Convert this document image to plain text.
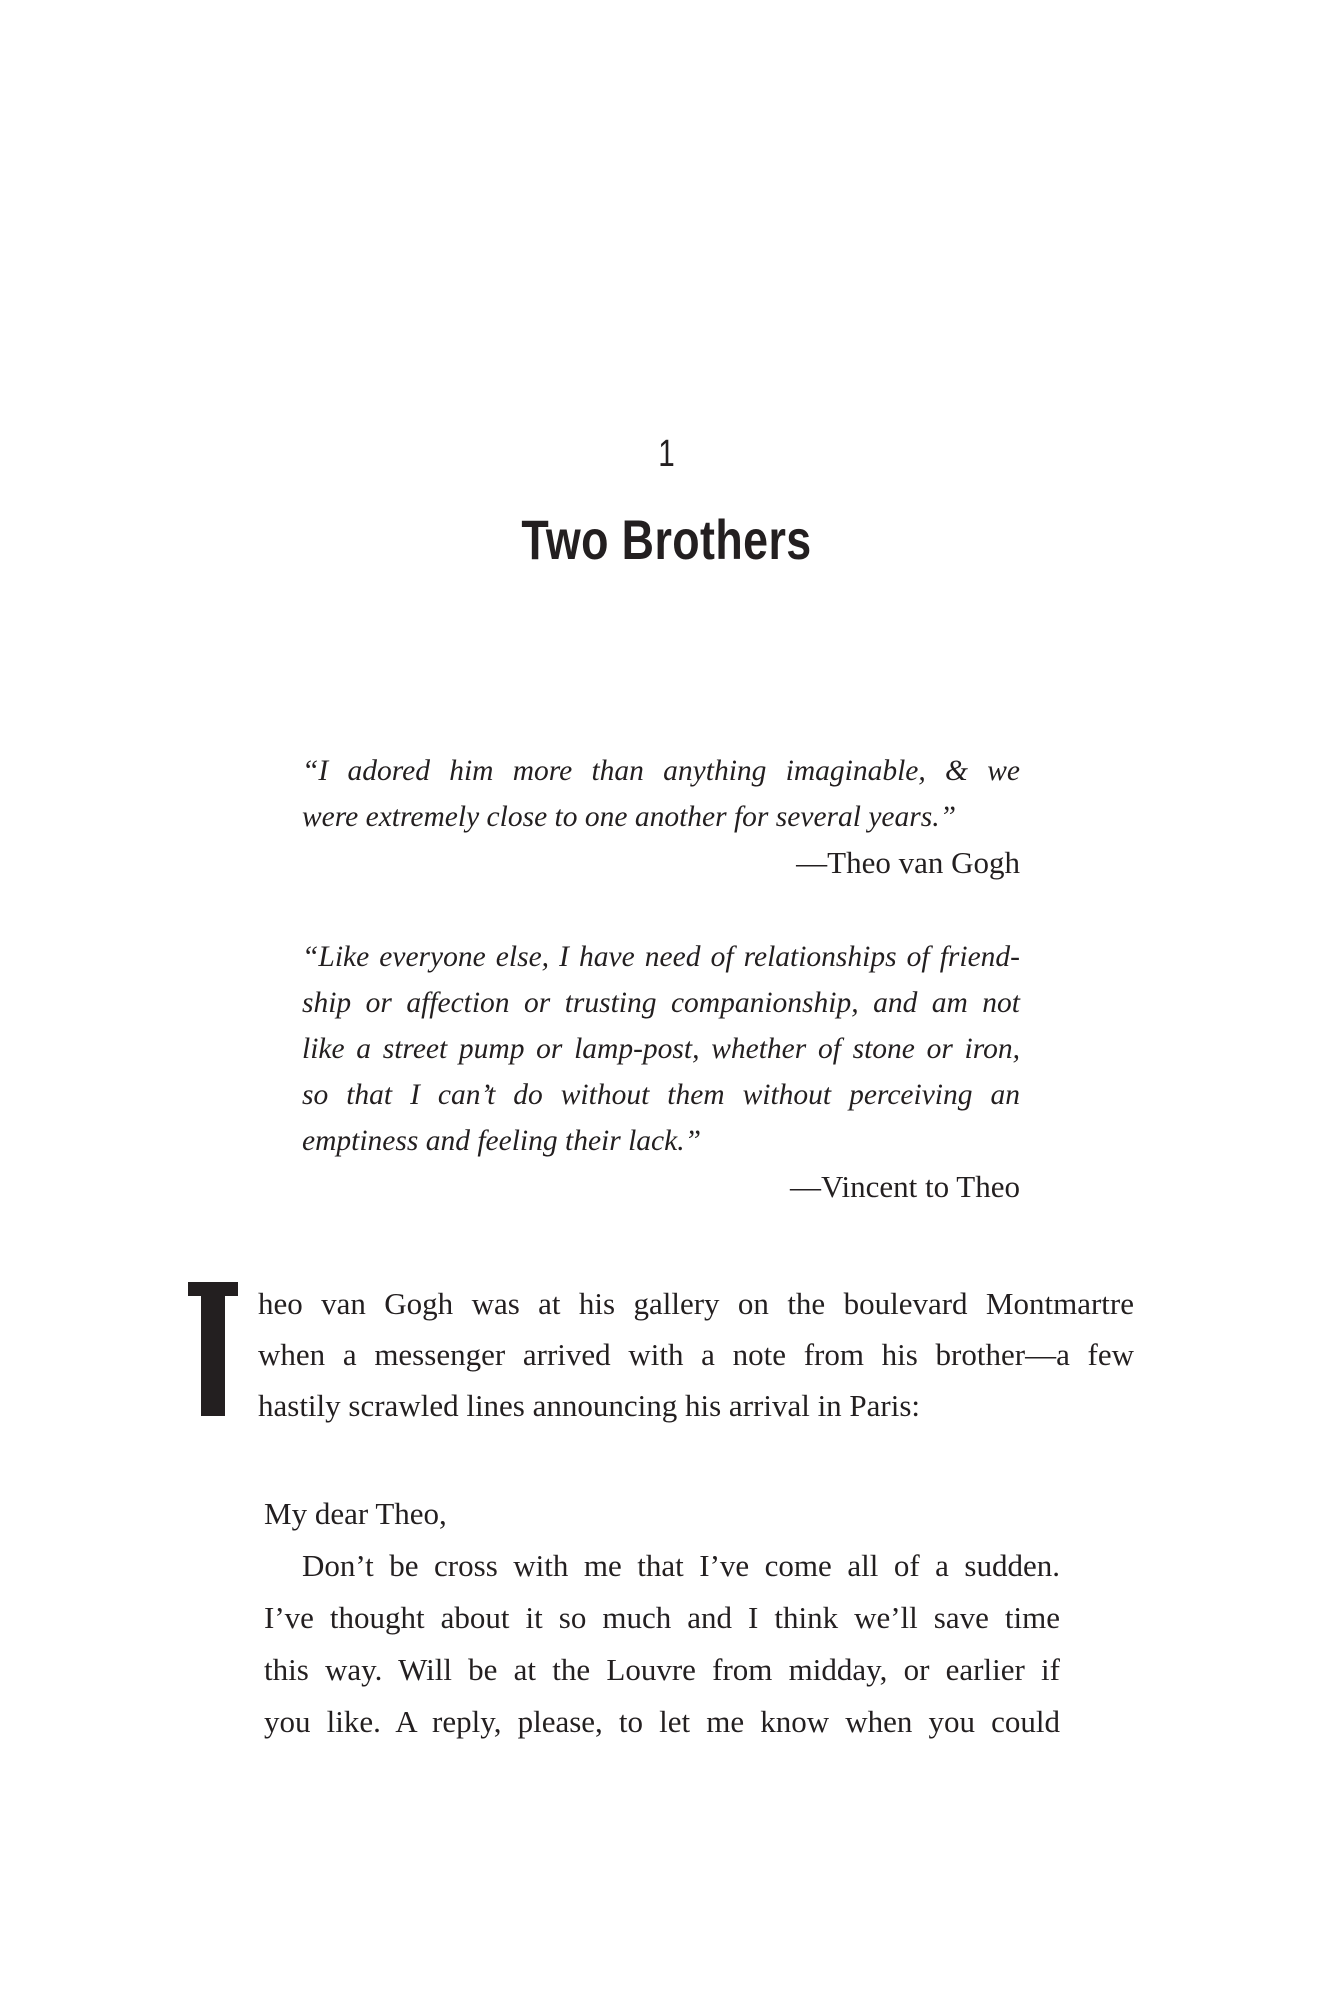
1
Two Brothers
“I adored him more than anything imaginable, & we
were extremely close to one another for several years.”
—Theo van Gogh
“Like everyone else, I have need of relationships of friend-
ship or affection or trusting companionship, and am not
like a street pump or lamp-post, whether of stone or iron,
so that I can’t do without them without perceiving an
emptiness and feeling their lack.”
—Vincent to Theo
heo van Gogh was at his gallery on the boulevard Montmartre
when a messenger arrived with a note from his brother—a few
hastily scrawled lines announcing his arrival in Paris:
My dear Theo,
Don’t be cross with me that I’ve come all of a sudden.
I’ve thought about it so much and I think we’ll save time
this way. Will be at the Louvre from midday, or earlier if
you like. A reply, please, to let me know when you could
